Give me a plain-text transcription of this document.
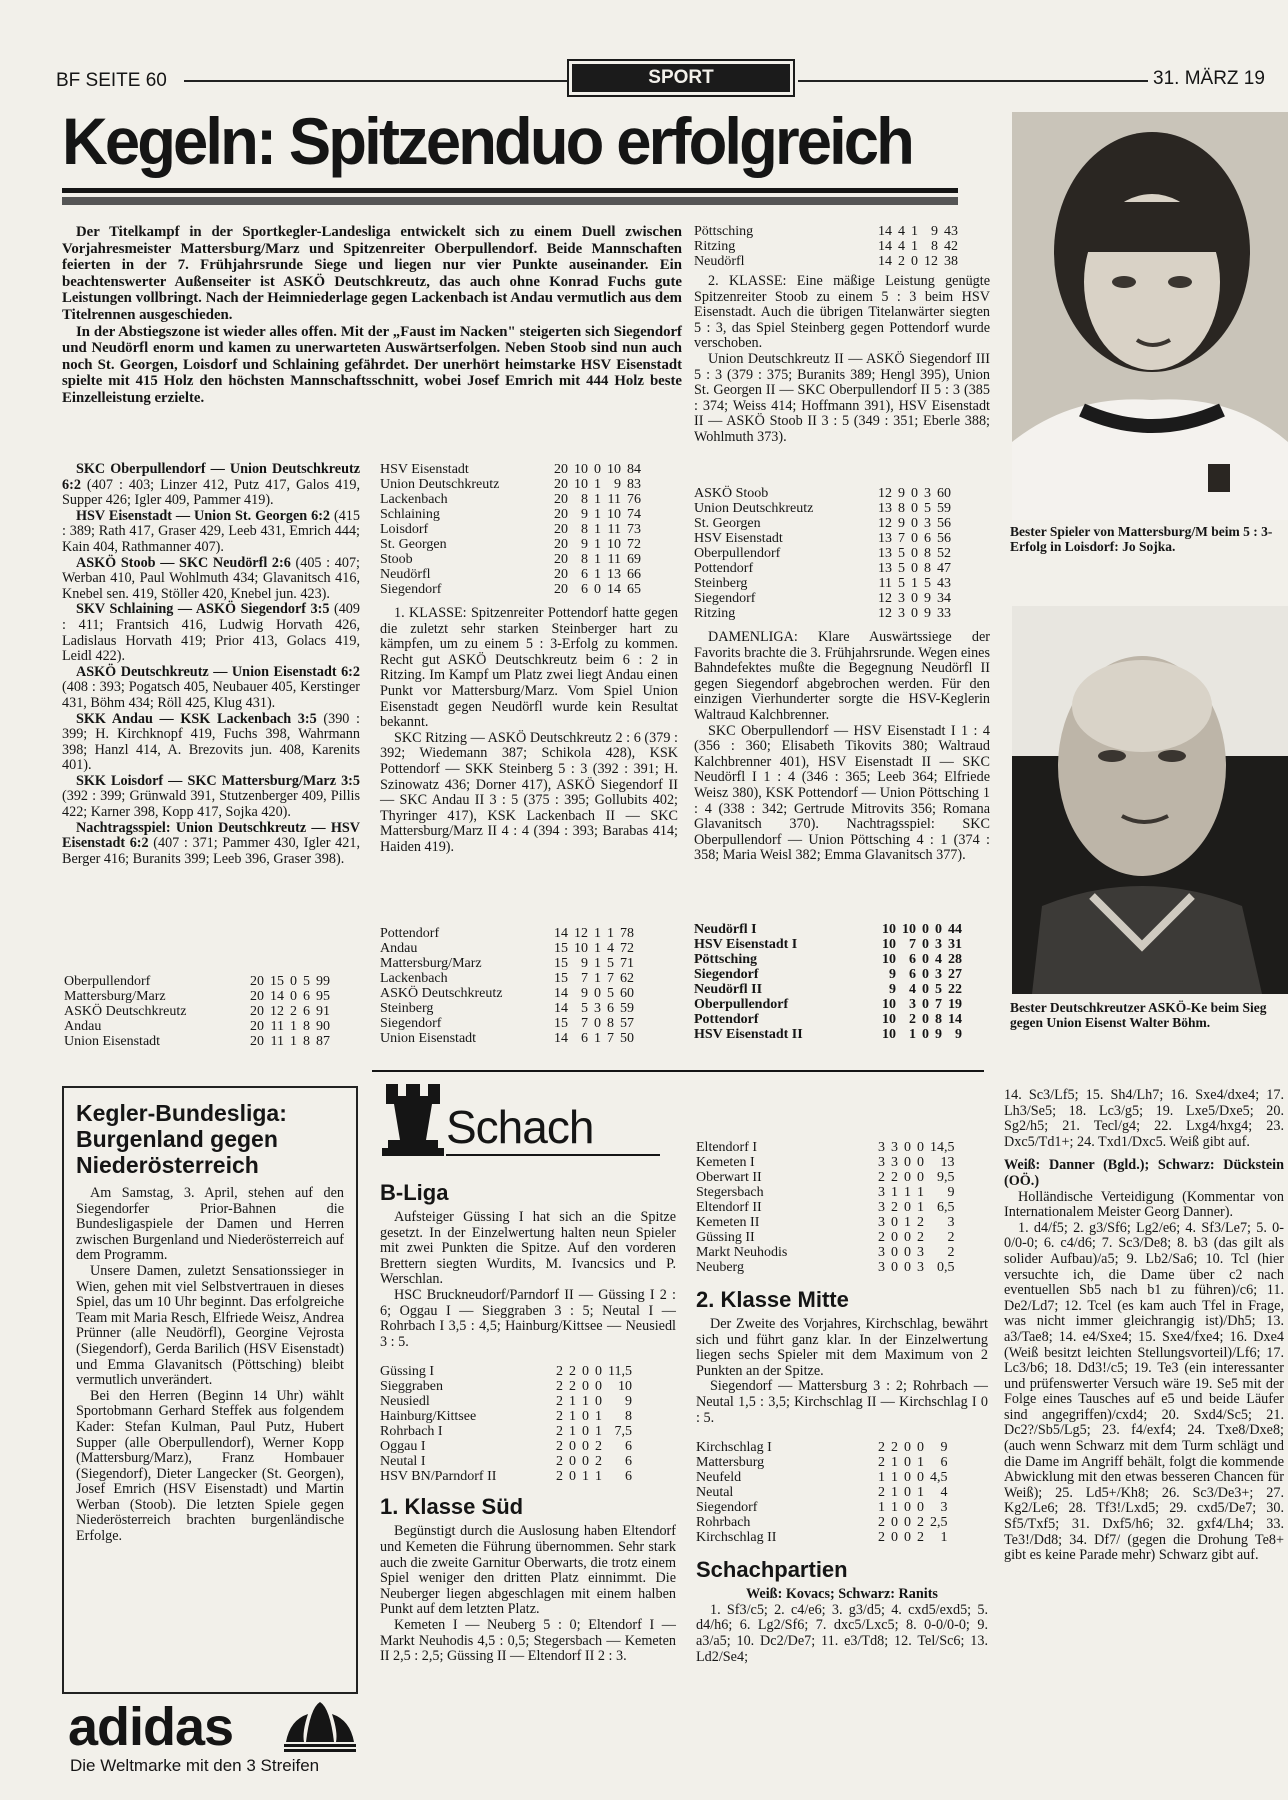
BF SEITE 60	SPORT	31. MÄRZ 19
Kegeln: Spitzenduo erfolgreich

Der Titelkampf in der Sportkegler-Landesliga entwickelt sich zu einem Duell zwischen Vorjahresmeister Mattersburg/Marz und Spitzenreiter Oberpullendorf. Beide Mannschaften feierten in der 7. Frühjahrsrunde Siege und liegen nur vier Punkte auseinander. Ein beachtenswerter Außenseiter ist ASKÖ Deutschkreutz, das auch ohne Konrad Fuchs gute Leistungen vollbringt. Nach der Heimniederlage gegen Lackenbach ist Andau vermutlich aus dem Titelrennen ausgeschieden.

In der Abstiegszone ist wieder alles offen. Mit der „Faust im Nacken" steigerten sich Siegendorf und Neudörfl enorm und kamen zu unerwarteten Auswärtserfolgen. Neben Stoob sind nun auch noch St. Georgen, Loisdorf und Schlaining gefährdet. Der unerhört heimstarke HSV Eisenstadt spielte mit 415 Holz den höchsten Mannschaftsschnitt, wobei Josef Emrich mit 444 Holz beste Einzelleistung erzielte.

SKC Oberpullendorf — Union Deutschkreutz 6:2 (407 : 403; Linzer 412, Putz 417, Galos 419, Supper 426; Igler 409, Pammer 419).

HSV Eisenstadt — Union St. Georgen 6:2 (415 : 389; Rath 417, Graser 429, Leeb 431, Emrich 444; Kain 404, Rathmanner 407).

ASKÖ Stoob — SKC Neudörfl 2:6 (405 : 407; Werban 410, Paul Wohlmuth 434; Glavanitsch 416, Knebel sen. 419, Stöller 420, Knebel jun. 423).

SKV Schlaining — ASKÖ Siegendorf 3:5 (409 : 411; Frantsich 416, Ludwig Horvath 426, Ladislaus Horvath 419; Prior 413, Golacs 419, Leidl 422).

ASKÖ Deutschkreutz — Union Eisenstadt 6:2 (408 : 393; Pogatsch 405, Neubauer 405, Kerstinger 431, Böhm 434; Röll 425, Klug 431).

SKK Andau — KSK Lackenbach 3:5 (390 : 399; H. Kirchknopf 419, Fuchs 398, Wahrmann 398; Hanzl 414, A. Brezovits jun. 408, Karenits 401).

SKK Loisdorf — SKC Mattersburg/Marz 3:5 (392 : 399; Grünwald 391, Stutzenberger 409, Pillis 422; Karner 398, Kopp 417, Sojka 420).

Nachtragsspiel: Union Deutschkreutz — HSV Eisenstadt 6:2 (407 : 371; Pammer 430, Igler 421, Berger 416; Buranits 399; Leeb 396, Graser 398).

Oberpullendorf	20	15	0	5	99
Mattersburg/Marz	20	14	0	6	95
ASKÖ Deutschkreutz	20	12	2	6	91
Andau	20	11	1	8	90
Union Eisenstadt	20	11	1	8	87
HSV Eisenstadt	20	10	0	10	84
Union Deutschkreutz	20	10	1	9	83
Lackenbach	20	8	1	11	76
Schlaining	20	9	1	10	74
Loisdorf	20	8	1	11	73
St. Georgen	20	9	1	10	72
Stoob	20	8	1	11	69
Neudörfl	20	6	1	13	66
Siegendorf	20	6	0	14	65

1. KLASSE: Spitzenreiter Pottendorf hatte gegen die zuletzt sehr starken Steinberger hart zu kämpfen, um zu einem 5 : 3-Erfolg zu kommen. Recht gut ASKÖ Deutschkreutz beim 6 : 2 in Ritzing. Im Kampf um Platz zwei liegt Andau einen Punkt vor Mattersburg/Marz. Vom Spiel Union Eisenstadt gegen Neudörfl wurde kein Resultat bekannt.

SKC Ritzing — ASKÖ Deutschkreutz 2 : 6 (379 : 392; Wiedemann 387; Schikola 428), KSK Pottendorf — SKK Steinberg 5 : 3 (392 : 391; H. Szinowatz 436; Dorner 417), ASKÖ Siegendorf II — SKC Andau II 3 : 5 (375 : 395; Gollubits 402; Thyringer 417), KSK Lackenbach II — SKC Mattersburg/Marz II 4 : 4 (394 : 393; Barabas 414; Haiden 419).

Pottendorf	14	12	1	1	78
Andau	15	10	1	4	72
Mattersburg/Marz	15	9	1	5	71
Lackenbach	15	7	1	7	62
ASKÖ Deutschkreutz	14	9	0	5	60
Steinberg	14	5	3	6	59
Siegendorf	15	7	0	8	57
Union Eisenstadt	14	6	1	7	50
Pöttsching	14	4	1	9	43
Ritzing	14	4	1	8	42
Neudörfl	14	2	0	12	38

2. KLASSE: Eine mäßige Leistung genügte Spitzenreiter Stoob zu einem 5 : 3 beim HSV Eisenstadt. Auch die übrigen Titelanwärter siegten 5 : 3, das Spiel Steinberg gegen Pottendorf wurde verschoben.

Union Deutschkreutz II — ASKÖ Siegendorf III 5 : 3 (379 : 375; Buranits 389; Hengl 395), Union St. Georgen II — SKC Oberpullendorf II 5 : 3 (385 : 374; Weiss 414; Hoffmann 391), HSV Eisenstadt II — ASKÖ Stoob II 3 : 5 (349 : 351; Eberle 388; Wohlmuth 373).

ASKÖ Stoob	12	9	0	3	60
Union Deutschkreutz	13	8	0	5	59
St. Georgen	12	9	0	3	56
HSV Eisenstadt	13	7	0	6	56
Oberpullendorf	13	5	0	8	52
Pottendorf	13	5	0	8	47
Steinberg	11	5	1	5	43
Siegendorf	12	3	0	9	34
Ritzing	12	3	0	9	33

DAMENLIGA: Klare Auswärtssiege der Favorits brachte die 3. Frühjahrsrunde. Wegen eines Bahndefektes mußte die Begegnung Neudörfl II gegen Siegendorf abgebrochen werden. Für den einzigen Vierhunderter sorgte die HSV-Keglerin Waltraud Kalchbrenner.

SKC Oberpullendorf — HSV Eisenstadt I 1 : 4 (356 : 360; Elisabeth Tikovits 380; Waltraud Kalchbrenner 401), HSV Eisenstadt II — SKC Neudörfl I 1 : 4 (346 : 365; Leeb 364; Elfriede Weisz 380), KSK Pottendorf — Union Pöttsching 1 : 4 (338 : 342; Gertrude Mitrovits 356; Romana Glavanitsch 370). Nachtragsspiel: SKC Oberpullendorf — Union Pöttsching 4 : 1 (374 : 358; Maria Weisl 382; Emma Glavanitsch 377).

Neudörfl I	10	10	0	0	44
HSV Eisenstadt I	10	7	0	3	31
Pöttsching	10	6	0	4	28
Siegendorf	9	6	0	3	27
Neudörfl II	9	4	0	5	22
Oberpullendorf	10	3	0	7	19
Pottendorf	10	2	0	8	14
HSV Eisenstadt II	10	1	0	9	9
Bester Spieler von Mattersburg/M beim 5 : 3-Erfolg in Loisdorf: Jo Sojka.
Bester Deutschkreutzer ASKÖ-Ke beim Sieg gegen Union Eisenst Walter Böhm.
Kegler-Bundesliga: Burgenland gegen Niederösterreich

Am Samstag, 3. April, stehen auf den Siegendorfer Prior-Bahnen die Bundesligaspiele der Damen und Herren zwischen Burgenland und Niederösterreich auf dem Programm.

Unsere Damen, zuletzt Sensationssieger in Wien, gehen mit viel Selbstvertrauen in dieses Spiel, das um 10 Uhr beginnt. Das erfolgreiche Team mit Maria Resch, Elfriede Weisz, Andrea Prünner (alle Neudörfl), Georgine Vejrosta (Siegendorf), Gerda Barilich (HSV Eisenstadt) und Emma Glavanitsch (Pöttsching) bleibt vermutlich unverändert.

Bei den Herren (Beginn 14 Uhr) wählt Sportobmann Gerhard Steffek aus folgendem Kader: Stefan Kulman, Paul Putz, Hubert Supper (alle Oberpullendorf), Werner Kopp (Mattersburg/Marz), Franz Hombauer (Siegendorf), Dieter Langecker (St. Georgen), Josef Emrich (HSV Eisenstadt) und Martin Werban (Stoob). Die letzten Spiele gegen Niederösterreich brachten burgenländische Erfolge.

adidas
Die Weltmarke mit den 3 Streifen
Schach
B-Liga

Aufsteiger Güssing I hat sich an die Spitze gesetzt. In der Einzelwertung halten neun Spieler mit zwei Punkten die Spitze. Auf den vorderen Brettern siegten Wurdits, M. Ivancsics und P. Werschlan.

HSC Bruckneudorf/Parndorf II — Güssing I 2 : 6; Oggau I — Sieggraben 3 : 5; Neutal I — Rohrbach I 3,5 : 4,5; Hainburg/Kittsee — Neusiedl 3 : 5.

Güssing I	2	2	0	0	11,5
Sieggraben	2	2	0	0	10
Neusiedl	2	1	1	0	9
Hainburg/Kittsee	2	1	0	1	8
Rohrbach I	2	1	0	1	7,5
Oggau I	2	0	0	2	6
Neutal I	2	0	0	2	6
HSV BN/Parndorf II	2	0	1	1	6
1. Klasse Süd

Begünstigt durch die Auslosung haben Eltendorf und Kemeten die Führung übernommen. Sehr stark auch die zweite Garnitur Oberwarts, die trotz einem Spiel weniger den dritten Platz einnimmt. Die Neuberger liegen abgeschlagen mit einem halben Punkt auf dem letzten Platz.

Kemeten I — Neuberg 5 : 0; Eltendorf I — Markt Neuhodis 4,5 : 0,5; Stegersbach — Kemeten II 2,5 : 2,5; Güssing II — Eltendorf II 2 : 3.

Eltendorf I	3	3	0	0	14,5
Kemeten I	3	3	0	0	13
Oberwart II	2	2	0	0	9,5
Stegersbach	3	1	1	1	9
Eltendorf II	3	2	0	1	6,5
Kemeten II	3	0	1	2	3
Güssing II	2	0	0	2	2
Markt Neuhodis	3	0	0	3	2
Neuberg	3	0	0	3	0,5
2. Klasse Mitte

Der Zweite des Vorjahres, Kirchschlag, bewährt sich und führt ganz klar. In der Einzelwertung liegen sechs Spieler mit dem Maximum von 2 Punkten an der Spitze.

Siegendorf — Mattersburg 3 : 2; Rohrbach — Neutal 1,5 : 3,5; Kirchschlag II — Kirchschlag I 0 : 5.

Kirchschlag I	2	2	0	0	9
Mattersburg	2	1	0	1	6
Neufeld	1	1	0	0	4,5
Neutal	2	1	0	1	4
Siegendorf	1	1	0	0	3
Rohrbach	2	0	0	2	2,5
Kirchschlag II	2	0	0	2	1
Schachpartien
Weiß: Kovacs; Schwarz: Ranits

1. Sf3/c5; 2. c4/e6; 3. g3/d5; 4. cxd5/exd5; 5. d4/h6; 6. Lg2/Sf6; 7. dxc5/Lxc5; 8. 0-0/0-0; 9. a3/a5; 10. Dc2/De7; 11. e3/Td8; 12. Tel/Sc6; 13. Ld2/Se4;

14. Sc3/Lf5; 15. Sh4/Lh7; 16. Sxe4/dxe4; 17. Lh3/Se5; 18. Lc3/g5; 19. Lxe5/Dxe5; 20. Sg2/h5; 21. Tecl/g4; 22. Lxg4/hxg4; 23. Dxc5/Td1+; 24. Txd1/Dxc5. Weiß gibt auf.

Weiß: Danner (Bgld.); Schwarz: Dückstein (OÖ.)

Holländische Verteidigung (Kommentar von Internationalem Meister Georg Danner).

1. d4/f5; 2. g3/Sf6; Lg2/e6; 4. Sf3/Le7; 5. 0-0/0-0; 6. c4/d6; 7. Sc3/De8; 8. b3 (das gilt als solider Aufbau)/a5; 9. Lb2/Sa6; 10. Tcl (hier versuchte ich, die Dame über c2 nach eventuellen Sb5 nach b1 zu führen)/c6; 11. De2/Ld7; 12. Tcel (es kam auch Tfel in Frage, was nicht immer gleichrangig ist)/Dh5; 13. a3/Tae8; 14. e4/Sxe4; 15. Sxe4/fxe4; 16. Dxe4 (Weiß besitzt leichten Stellungsvorteil)/Lf6; 17. Lc3/b6; 18. Dd3!/c5; 19. Te3 (ein interessanter und prüfenswerter Versuch wäre 19. Se5 mit der Folge eines Tausches auf e5 und beide Läufer sind angegriffen)/cxd4; 20. Sxd4/Sc5; 21. Dc2?/Sb5/Lg5; 23. f4/exf4; 24. Txe8/Dxe8; (auch wenn Schwarz mit dem Turm schlägt und die Dame im Angriff behält, folgt die kommende Abwicklung mit den etwas besseren Chancen für Weiß); 25. Ld5+/Kh8; 26. Sc3/De3+; 27. Kg2/Le6; 28. Tf3!/Lxd5; 29. cxd5/De7; 30. Sf5/Txf5; 31. Dxf5/h6; 32. gxf4/Lh4; 33. Te3!/Dd8; 34. Df7/ (gegen die Drohung Te8+ gibt es keine Parade mehr) Schwarz gibt auf.
